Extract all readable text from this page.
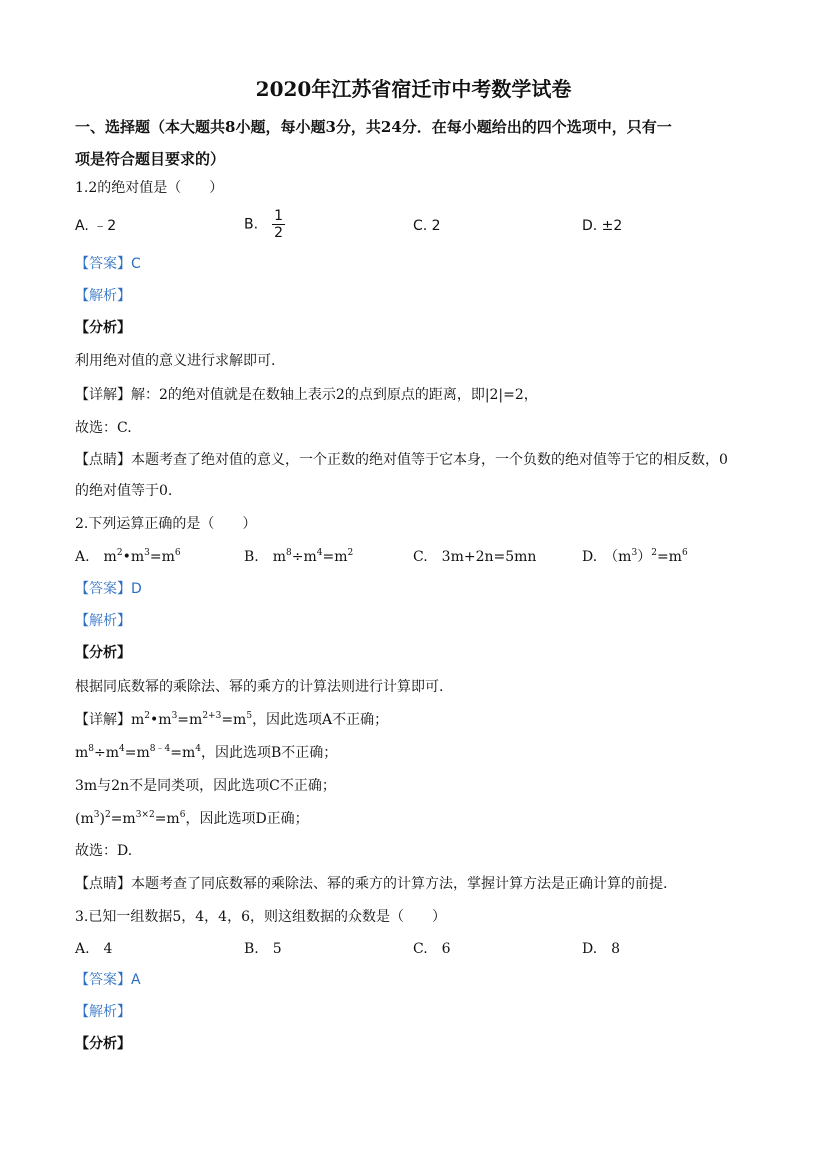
2020年江苏省宿迁市中考数学试卷
一、选择题（本大题共8小题，每小题3分，共24分．在每小题给出的四个选项中，只有一
项是符合题目要求的）
1.2的绝对值是（　　）
A. ﹣2	B. $\frac{1}{2}$	C. 2	D. ±2
【答案】C
【解析】
【分析】
利用绝对值的意义进行求解即可.
【详解】解：2的绝对值就是在数轴上表示2的点到原点的距离，即|2|=2，
故选：C.
【点睛】本题考查了绝对值的意义，一个正数的绝对值等于它本身，一个负数的绝对值等于它的相反数，0
的绝对值等于0.
2.下列运算正确的是（　　）
A.　$m^2•m^3=m^6$	B.　$m^8\div m^4=m^2$	C.　3m+2n=5mn	D.　$(m^3)^2=m^6$
【答案】D
【解析】
【分析】
根据同底数幂的乘除法、幂的乘方的计算法则进行计算即可.
【详解】$m^2•m^3=m^{2+3}=m^5$，因此选项A不正确；
$m^8\div m^4=m^{8﹣4}=m^4$，因此选项B不正确；
3m与2n不是同类项，因此选项C不正确；
$(m^3)^2=m^{3\times 2}=m^6$，因此选项D正确；
故选：D.
【点睛】本题考查了同底数幂的乘除法、幂的乘方的计算方法，掌握计算方法是正确计算的前提.
3.已知一组数据5，4，4，6，则这组数据的众数是（　　）
A.　4	B.　5	C.　6	D.　8
【答案】A
【解析】
【分析】
